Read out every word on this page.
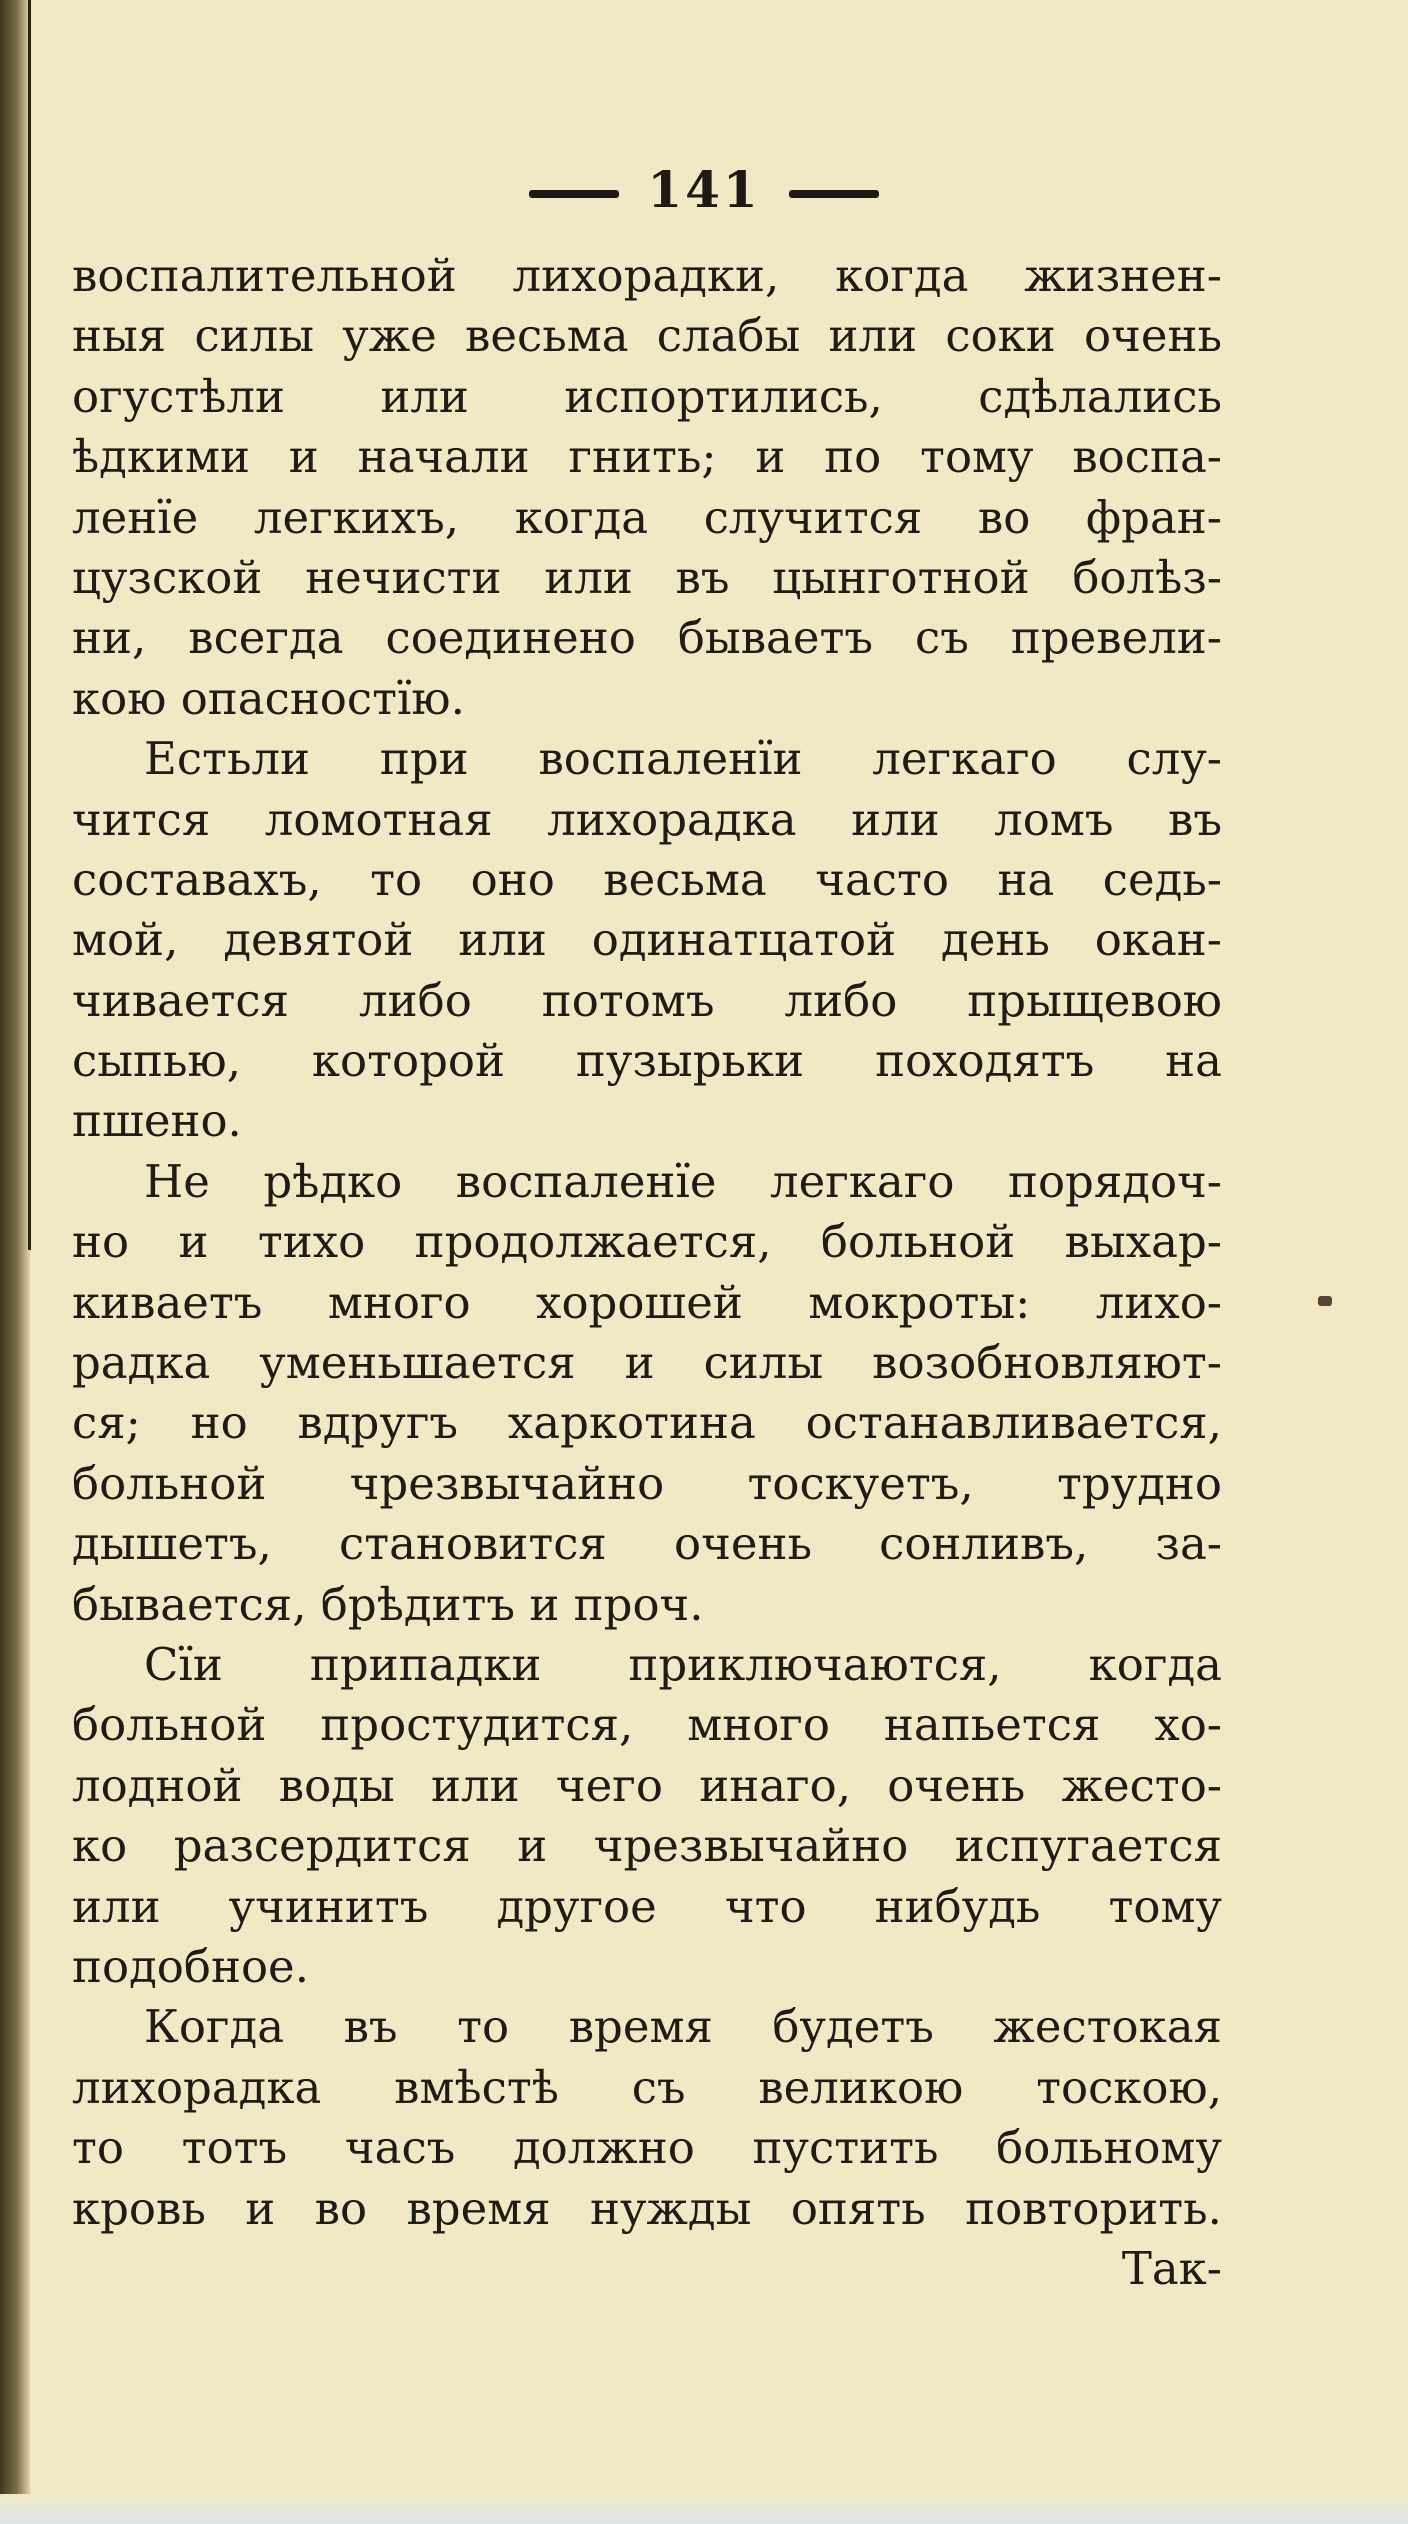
141
воспалительной лихорадки, когда жизнен-
ныя силы уже весьма слабы или соки очень
огустѣли или испортились, сдѣлались
ѣдкими и начали гнить; и по тому воспа-
ленїе легкихъ, когда случится во фран-
цузской нечисти или въ цынготной болѣз-
ни, всегда соединено бываетъ съ превели-
кою опасностїю.
Естьли при воспаленїи легкаго слу-
чится ломотная лихорадка или ломъ въ
составахъ, то оно весьма часто на седь-
мой, девятой или одинатцатой день окан-
чивается либо потомъ либо прыщевою
сыпью, которой пузырьки походятъ на
пшено.
Не рѣдко воспаленїе легкаго порядоч-
но и тихо продолжается, больной выхар-
киваетъ много хорошей мокроты: лихо-
радка уменьшается и силы возобновляют-
ся; но вдругъ харкотина останавливается,
больной чрезвычайно тоскуетъ, трудно
дышетъ, становится очень сонливъ, за-
бывается, брѣдитъ и проч.
Сїи припадки приключаются, когда
больной простудится, много напьется хо-
лодной воды или чего инаго, очень жесто-
ко разсердится и чрезвычайно испугается
или учинитъ другое что нибудь тому
подобное.
Когда въ то время будетъ жестокая
лихорадка вмѣстѣ съ великою тоскою,
то тотъ часъ должно пустить больному
кровь и во время нужды опять повторить.
Так-
